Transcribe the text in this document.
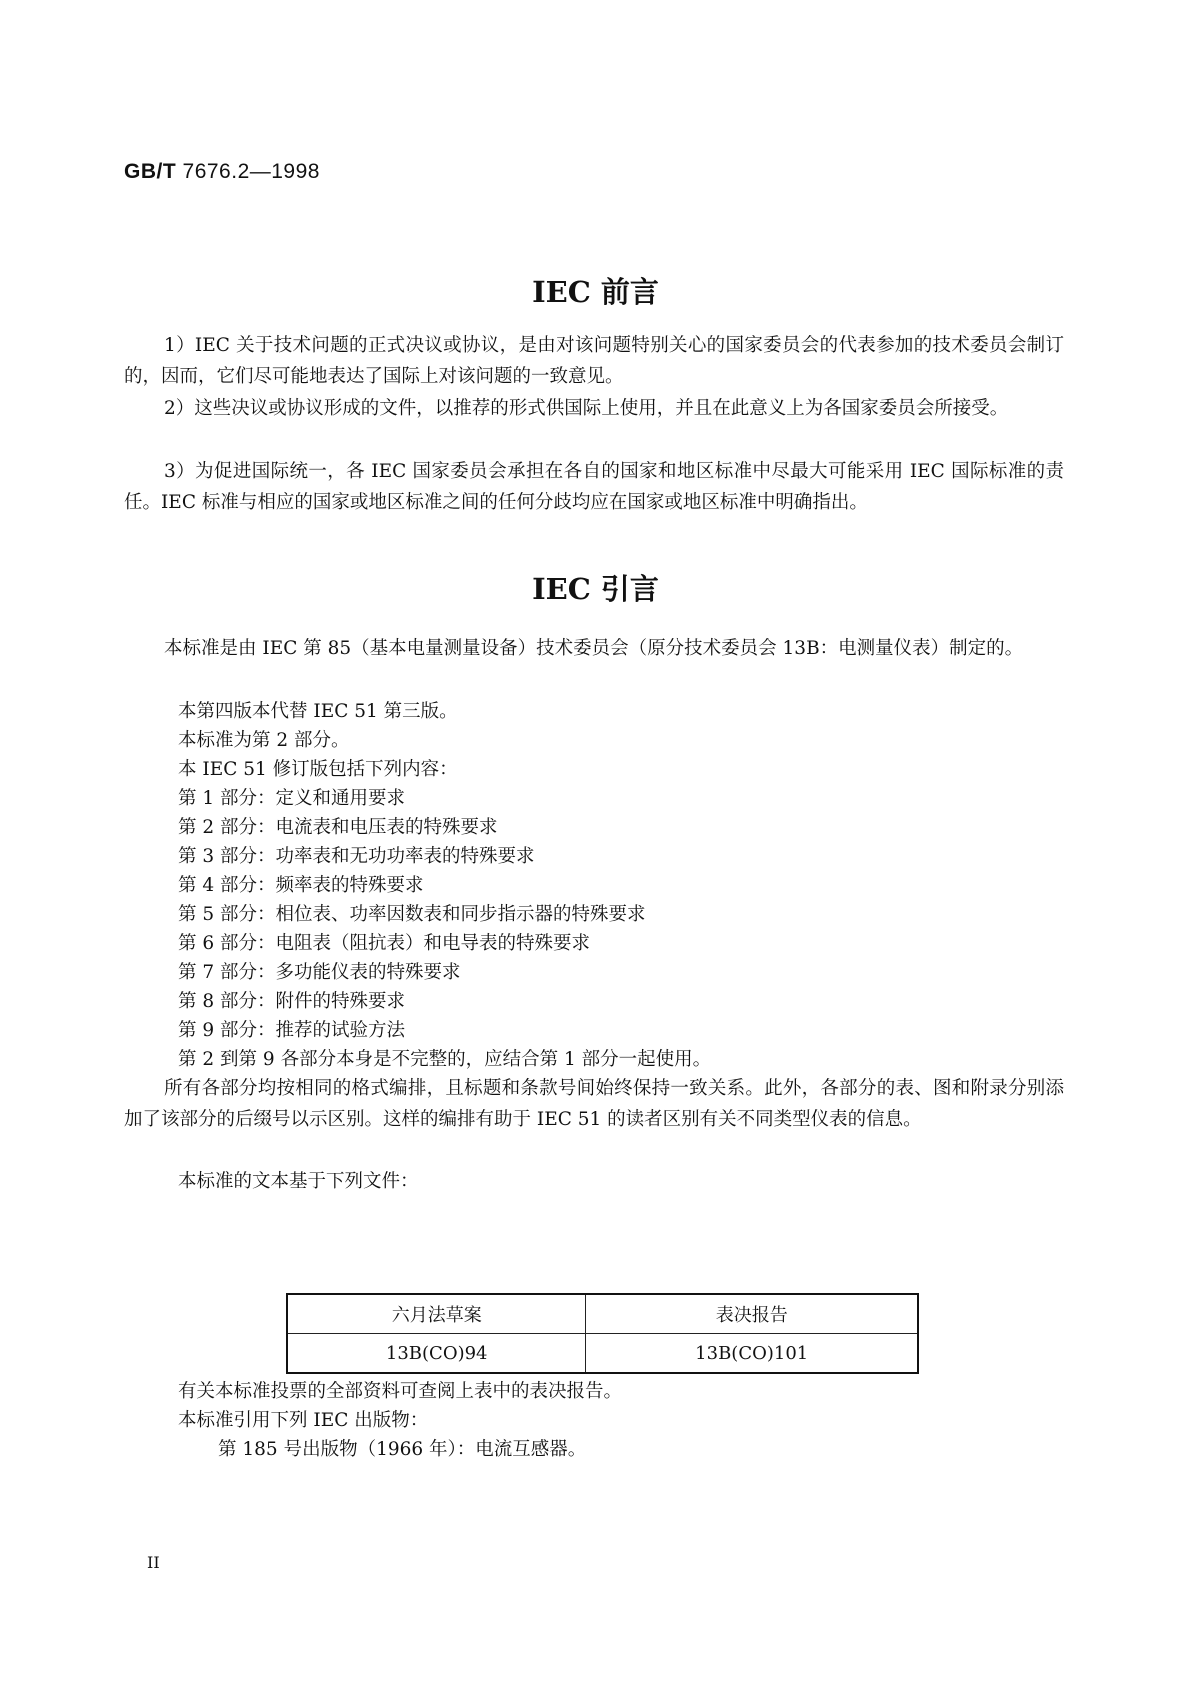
GB/T 7676.2—1998
IEC 前言
1）IEC 关于技术问题的正式决议或协议，是由对该问题特别关心的国家委员会的代表参加的技术委员会制订的，因而，它们尽可能地表达了国际上对该问题的一致意见。
2）这些决议或协议形成的文件，以推荐的形式供国际上使用，并且在此意义上为各国家委员会所接受。
3）为促进国际统一，各 IEC 国家委员会承担在各自的国家和地区标准中尽最大可能采用 IEC 国际标准的责任。IEC 标准与相应的国家或地区标准之间的任何分歧均应在国家或地区标准中明确指出。
IEC 引言
本标准是由 IEC 第 85（基本电量测量设备）技术委员会（原分技术委员会 13B：电测量仪表）制定的。
本第四版本代替 IEC 51 第三版。
本标准为第 2 部分。
本 IEC 51 修订版包括下列内容：
第 1 部分：定义和通用要求
第 2 部分：电流表和电压表的特殊要求
第 3 部分：功率表和无功功率表的特殊要求
第 4 部分：频率表的特殊要求
第 5 部分：相位表、功率因数表和同步指示器的特殊要求
第 6 部分：电阻表（阻抗表）和电导表的特殊要求
第 7 部分：多功能仪表的特殊要求
第 8 部分：附件的特殊要求
第 9 部分：推荐的试验方法
第 2 到第 9 各部分本身是不完整的，应结合第 1 部分一起使用。
所有各部分均按相同的格式编排，且标题和条款号间始终保持一致关系。此外，各部分的表、图和附录分别添加了该部分的后缀号以示区别。这样的编排有助于 IEC 51 的读者区别有关不同类型仪表的信息。
本标准的文本基于下列文件：
六月法草案	表决报告
13B(CO)94	13B(CO)101
有关本标准投票的全部资料可查阅上表中的表决报告。
本标准引用下列 IEC 出版物：
第 185 号出版物（1966 年）：电流互感器。
II
